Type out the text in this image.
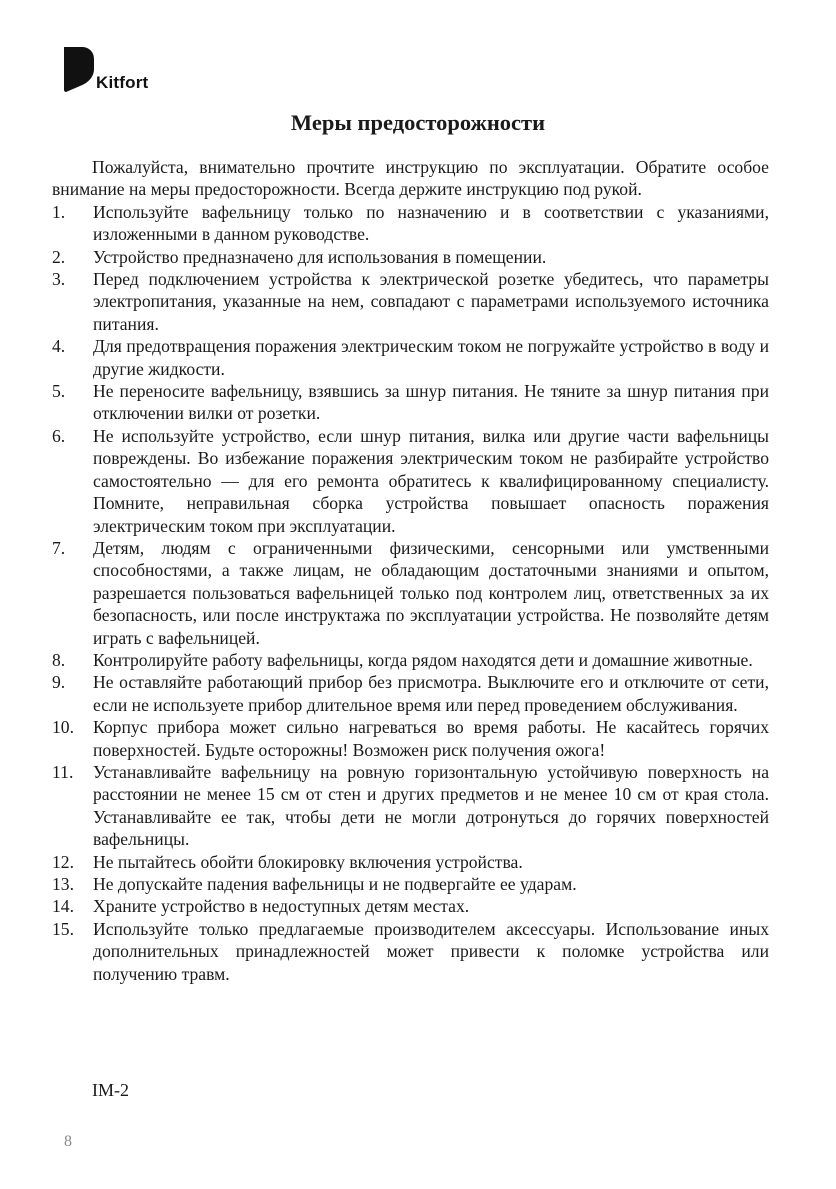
Kitfort
Меры предосторожности

Пожалуйста, внимательно прочтите инструкцию по эксплуатации. Обратите особое внимание на меры предосторожности. Всегда держите инструкцию под рукой.

1. Используйте вафельницу только по назначению и в соответствии с указаниями, изложенными в данном руководстве.
2. Устройство предназначено для использования в помещении.
3. Перед подключением устройства к электрической розетке убедитесь, что параметры электропитания, указанные на нем, совпадают с параметрами используемого источника питания.
4. Для предотвращения поражения электрическим током не погружайте устройство в воду и другие жидкости.
5. Не переносите вафельницу, взявшись за шнур питания. Не тяните за шнур питания при отключении вилки от розетки.
6. Не используйте устройство, если шнур питания, вилка или другие части вафельницы повреждены. Во избежание поражения электрическим током не разбирайте устройство самостоятельно — для его ремонта обратитесь к квалифицированному специалисту. Помните, неправильная сборка устройства повышает опасность поражения электрическим током при эксплуатации.
7. Детям, людям с ограниченными физическими, сенсорными или умственными способностями, а также лицам, не обладающим достаточными знаниями и опытом, разрешается пользоваться вафельницей только под контролем лиц, ответственных за их безопасность, или после инструктажа по эксплуатации устройства. Не позволяйте детям играть с вафельницей.
8. Контролируйте работу вафельницы, когда рядом находятся дети и домашние животные.
9. Не оставляйте работающий прибор без присмотра. Выключите его и отключите от сети, если не используете прибор длительное время или перед проведением обслуживания.
10. Корпус прибора может сильно нагреваться во время работы. Не касайтесь горячих поверхностей. Будьте осторожны! Возможен риск получения ожога!
11. Устанавливайте вафельницу на ровную горизонтальную устойчивую поверхность на расстоянии не менее 15 см от стен и других предметов и не менее 10 см от края стола. Устанавливайте ее так, чтобы дети не могли дотронуться до горячих поверхностей вафельницы.
12. Не пытайтесь обойти блокировку включения устройства.
13. Не допускайте падения вафельницы и не подвергайте ее ударам.
14. Храните устройство в недоступных детям местах.
15. Используйте только предлагаемые производителем аксессуары. Использование иных дополнительных принадлежностей может привести к поломке устройства или получению травм.
IM-2
8
